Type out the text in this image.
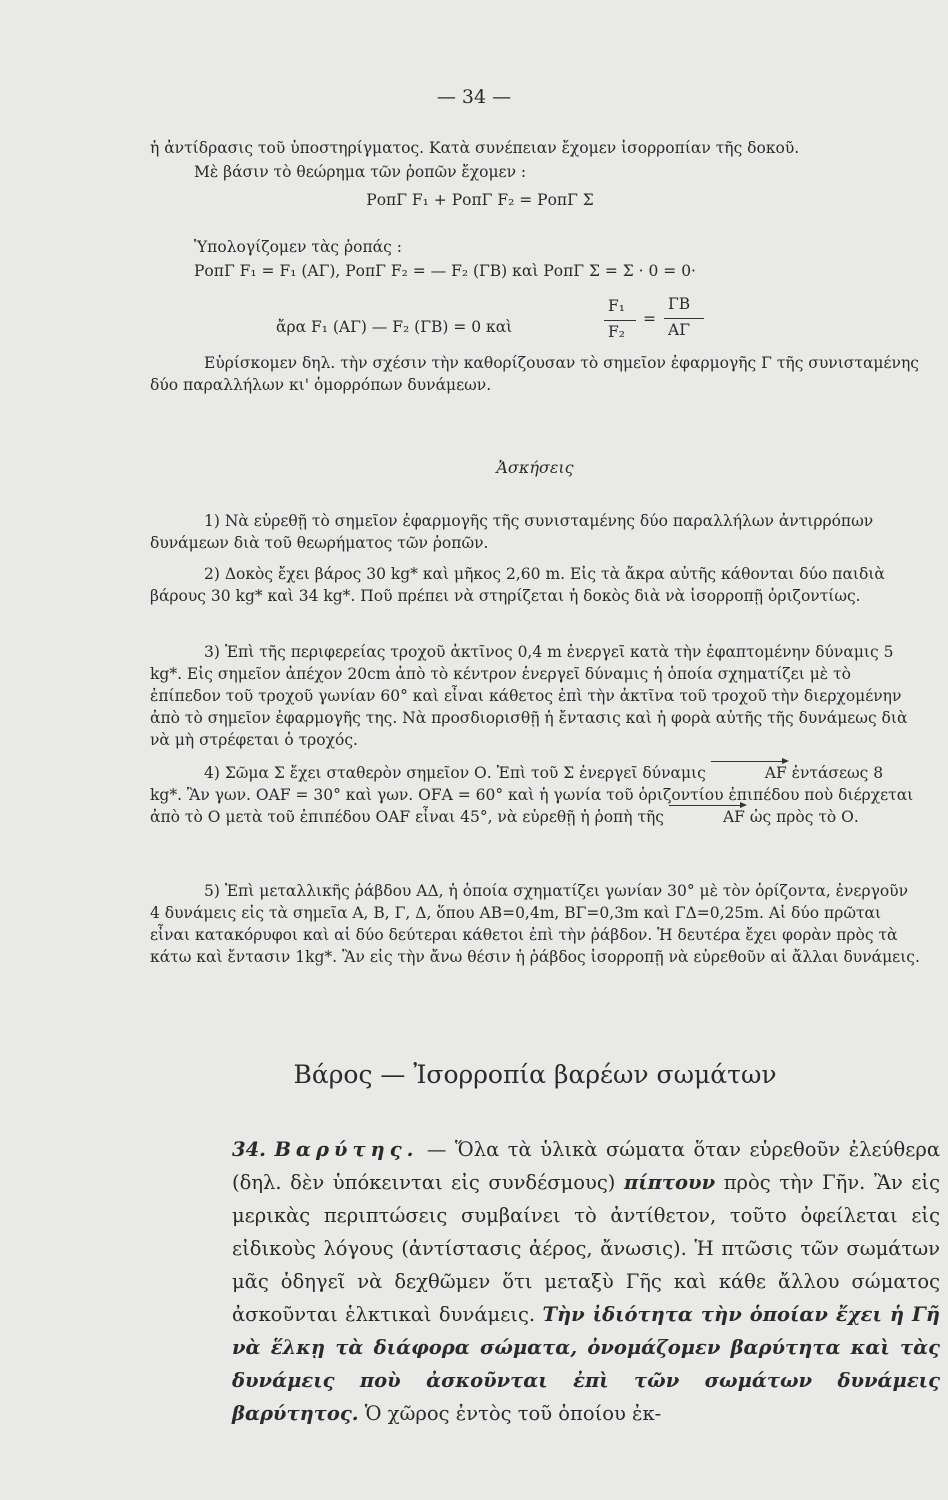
— 34 —

ἡ ἀντίδρασις τοῦ ὑποστηρίγματος. Κατὰ συνέπειαν ἔχομεν ἰσορροπίαν τῆς δοκοῦ.

Μὲ βάσιν τὸ θεώρημα τῶν ῥοπῶν ἔχομεν :

ΡοπΓ F₁ + ΡοπΓ F₂ = ΡοπΓ Σ

Ὑπολογίζομεν τὰς ῥοπάς :

ΡοπΓ F₁ = F₁ (ΑΓ), ΡοπΓ F₂ = — F₂ (ΓΒ) καὶ ΡοπΓ Σ = Σ · 0 = 0·

ἄρα F₁ (ΑΓ) — F₂ (ΓΒ) = 0 καὶ

F₁
F₂
=
ΓΒ
ΑΓ

Εὑρίσκομεν δηλ. τὴν σχέσιν τὴν καθορίζουσαν τὸ σημεῖον ἐφαρμογῆς Γ τῆς συνισταμένης δύο παραλλήλων κι' ὁμορρόπων δυνάμεων.

Ἀσκήσεις

1) Νὰ εὑρεθῇ τὸ σημεῖον ἐφαρμογῆς τῆς συνισταμένης δύο παραλλήλων ἀντιρρόπων δυνάμεων διὰ τοῦ θεωρήματος τῶν ῥοπῶν.

2) Δοκὸς ἔχει βάρος 30 kg* καὶ μῆκος 2,60 m. Εἰς τὰ ἄκρα αὐτῆς κάθονται δύο παιδιὰ βάρους 30 kg* καὶ 34 kg*. Ποῦ πρέπει νὰ στηρίζεται ἡ δοκὸς διὰ νὰ ἰσορροπῇ ὁριζοντίως.

3) Ἐπὶ τῆς περιφερείας τροχοῦ ἀκτῖνος 0,4 m ἐνεργεῖ κατὰ τὴν ἐφαπτομένην δύναμις 5 kg*. Εἰς σημεῖον ἀπέχον 20cm ἀπὸ τὸ κέντρον ἐνεργεῖ δύναμις ἡ ὁποία σχηματίζει μὲ τὸ ἐπίπεδον τοῦ τροχοῦ γωνίαν 60° καὶ εἶναι κάθετος ἐπὶ τὴν ἀκτῖνα τοῦ τροχοῦ τὴν διερχομένην ἀπὸ τὸ σημεῖον ἐφαρμογῆς της. Νὰ προσδιορισθῇ ἡ ἔντασις καὶ ἡ φορὰ αὐτῆς τῆς δυνάμεως διὰ νὰ μὴ στρέφεται ὁ τροχός.

4) Σῶμα Σ ἔχει σταθερὸν σημεῖον Ο. Ἐπὶ τοῦ Σ ἐνεργεῖ δύναμις	AF ἐντάσεως 8 kg*. Ἂν γων. ΟΑF = 30° καὶ γων. ΟFΑ = 60° καὶ ἡ γωνία τοῦ ὁριζοντίου ἐπιπέδου ποὺ διέρχεται ἀπὸ τὸ Ο μετὰ τοῦ ἐπιπέδου ΟΑF εἶναι 45°, νὰ εὑρεθῇ ἡ ῥοπὴ τῆς	AF ὡς πρὸς τὸ Ο.

5) Ἐπὶ μεταλλικῆς ῥάβδου ΑΔ, ἡ ὁποία σχηματίζει γωνίαν 30° μὲ τὸν ὁρίζοντα, ἐνεργοῦν 4 δυνάμεις εἰς τὰ σημεῖα Α, Β, Γ, Δ, ὅπου ΑΒ=0,4m, ΒΓ=0,3m καὶ ΓΔ=0,25m. Αἱ δύο πρῶται εἶναι κατακόρυφοι καὶ αἱ δύο δεύτεραι κάθετοι ἐπὶ τὴν ῥάβδον. Ἡ δευτέρα ἔχει φορὰν πρὸς τὰ κάτω καὶ ἔντασιν 1kg*. Ἂν εἰς τὴν ἄνω θέσιν ἡ ῥάβδος ἰσορροπῇ νὰ εὑρεθοῦν αἱ ἄλλαι δυνάμεις.

Βάρος — Ἰσορροπία βαρέων σωμάτων

34. Βαρύτης. — Ὅλα τὰ ὑλικὰ σώματα ὅταν εὑρεθοῦν ἐλεύθερα (δηλ. δὲν ὑπόκεινται εἰς συνδέσμους) πίπτουν πρὸς τὴν Γῆν. Ἂν εἰς μερικὰς περιπτώσεις συμβαίνει τὸ ἀντίθετον, τοῦτο ὀφείλεται εἰς εἰδικοὺς λόγους (ἀντίστασις ἀέρος, ἄνωσις). Ἡ πτῶσις τῶν σωμάτων μᾶς ὁδηγεῖ νὰ δεχθῶμεν ὅτι μεταξὺ Γῆς καὶ κάθε ἄλλου σώματος ἀσκοῦνται ἑλκτικαὶ δυνάμεις. Τὴν ἰδιότητα τὴν ὁποίαν ἔχει ἡ Γῆ νὰ ἕλκῃ τὰ διάφορα σώματα, ὀνομάζομεν βαρύτητα καὶ τὰς δυνάμεις ποὺ ἀσκοῦνται ἐπὶ τῶν σωμάτων δυνάμεις βαρύτητος. Ὁ χῶρος ἐντὸς τοῦ ὁποίου ἐκ-
